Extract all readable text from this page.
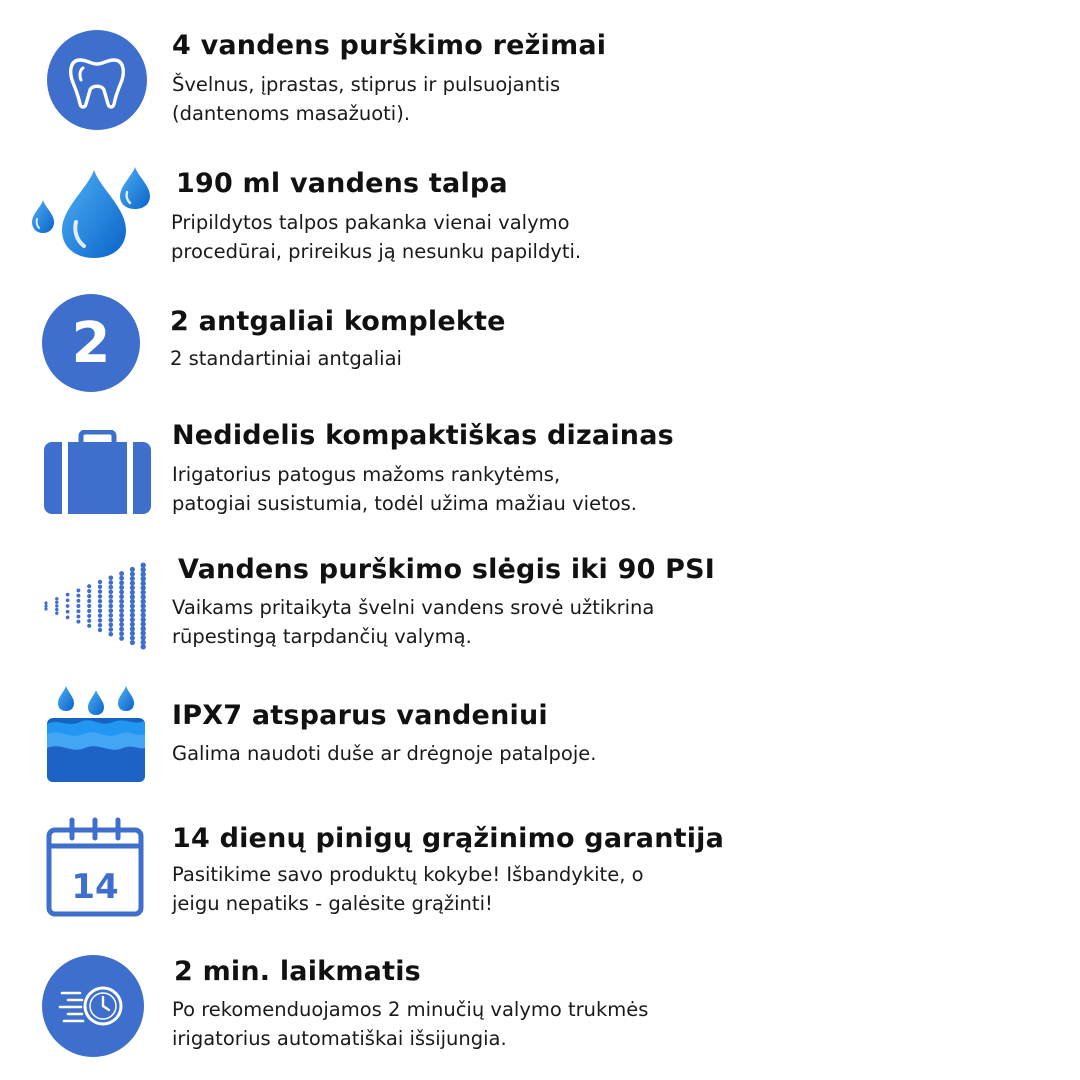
4 vandens purškimo režimai
Švelnus, įprastas, stiprus ir pulsuojantis
(dantenoms masažuoti).
190 ml vandens talpa
Pripildytos talpos pakanka vienai valymo
procedūrai, prireikus ją nesunku papildyti.
2 2 antgaliai komplekte
2 standartiniai antgaliai
Nedidelis kompaktiškas dizainas
Irigatorius patogus mažoms rankytėms,
patogiai susistumia, todėl užima mažiau vietos.
Vandens purškimo slėgis iki 90 PSI
Vaikams pritaikyta švelni vandens srovė užtikrina
rūpestingą tarpdančių valymą.
IPX7 atsparus vandeniui
Galima naudoti duše ar drėgnoje patalpoje.
14
14 dienų pinigų grąžinimo garantija
Pasitikime savo produktų kokybe! Išbandykite, o
jeigu nepatiks - galėsite grąžinti!
2 min. laikmatis
Po rekomenduojamos 2 minučių valymo trukmės
irigatorius automatiškai išsijungia.
